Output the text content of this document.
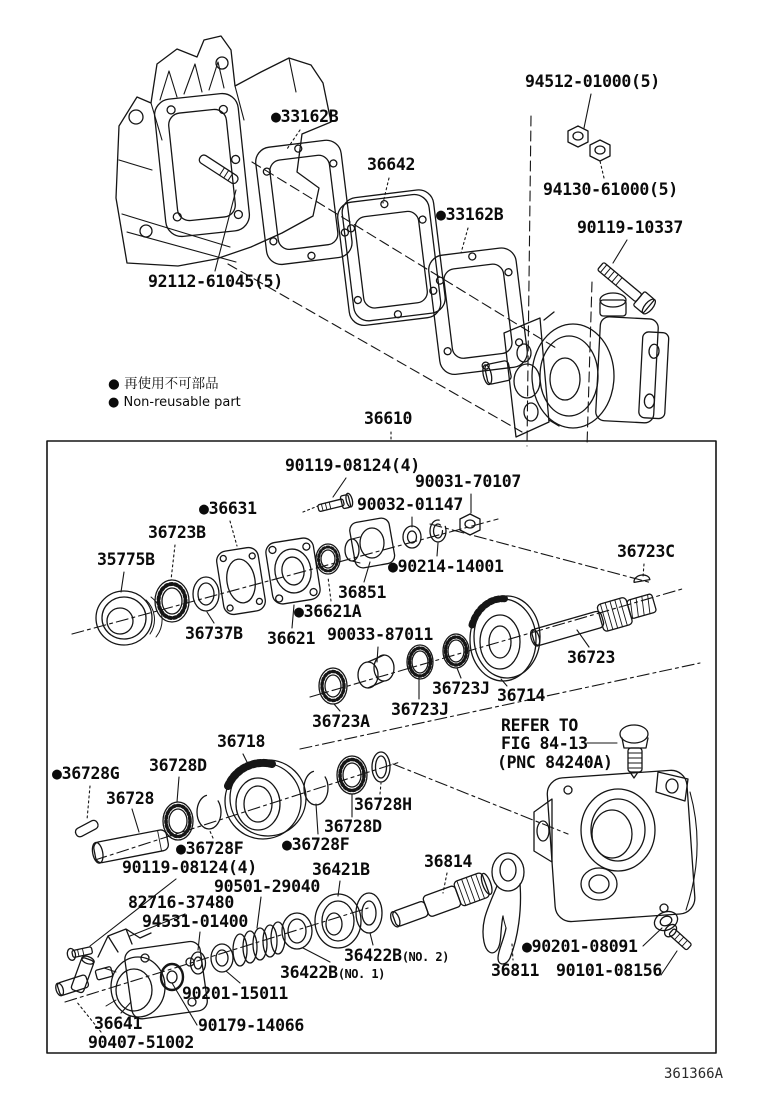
● 再使用不可部品
● Non-reusable part
94512-01000(5)
●33162B
36642
●33162B
94130-61000(5)
90119-10337
92112-61045(5)
36610
90119-08124(4)
90031-70107
●36631	90032-01147
36723B
35775B	●90214-14001
36851
36723C
●36621A
36737B 36621 90033-87011
36723
36723J 36714
36723J
36723A	REFER TO
FIG 84-13
(PNC 84240A)
36718
36728D
●36728G
36728	36728H
36728D
●36728F ●36728F
90119-08124(4)	36421B	36814
90501-29040
82716-37480
94531-01400
36422B(NO. 2)
36422B(NO. 1)
●90201-08091
36811 90101-08156
90201-15011
36641	90179-14066
90407-51002
361366A
